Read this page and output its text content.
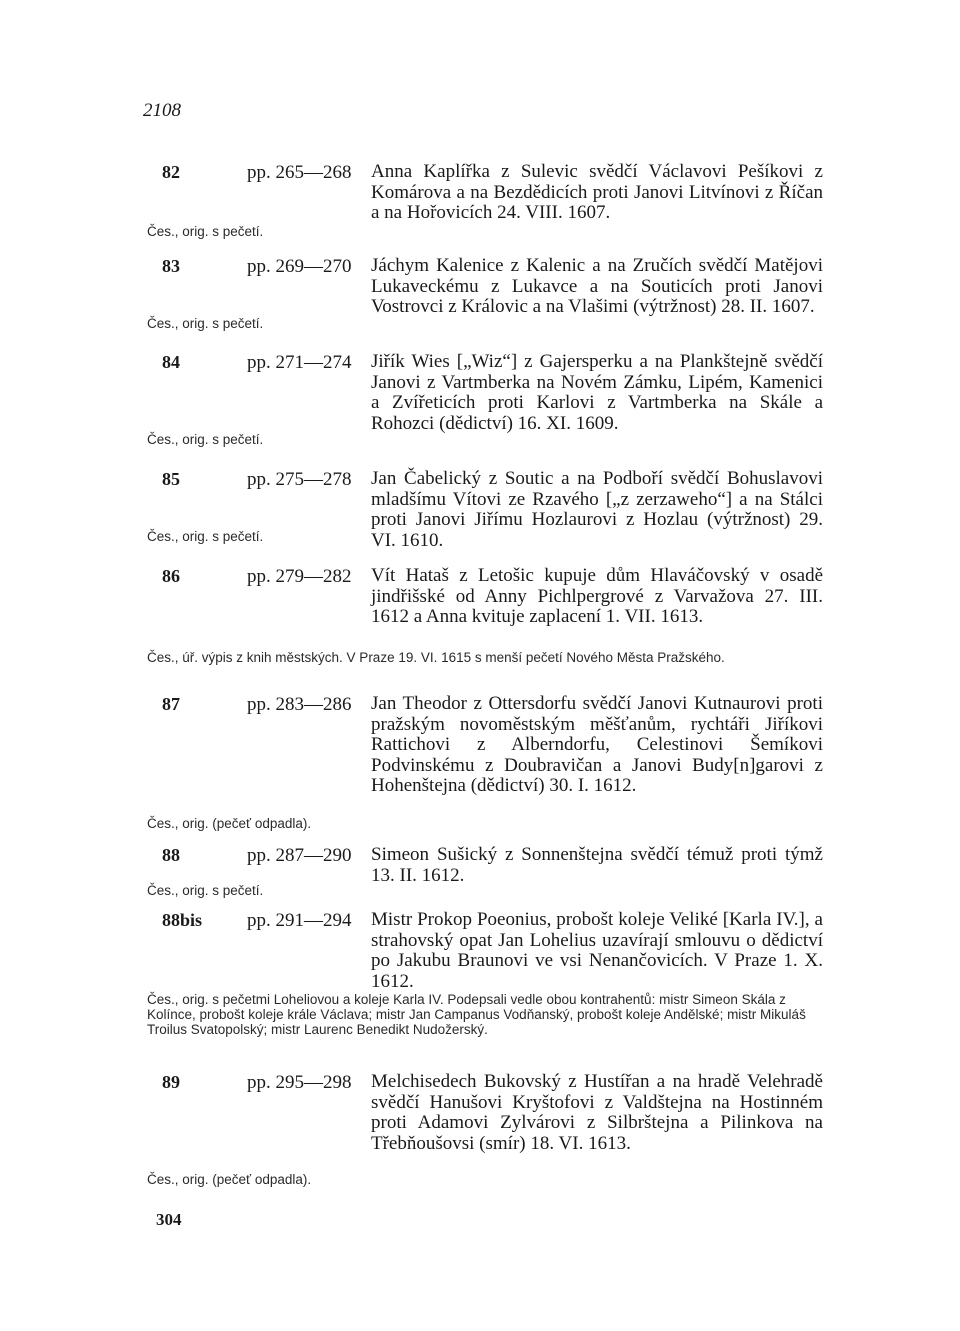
2108
82	pp. 265—268 Anna Kaplířka z Sulevic svědčí Václavovi Pešíkovi z Komárova a na Bezdědicích proti Janovi Litvínovi z Říčan a na Hořovicích 24. VIII. 1607.
Čes., orig. s pečetí.
83	pp. 269—270 Jáchym Kalenice z Kalenic a na Zručích svědčí Matějovi Lukaveckému z Lukavce a na Souticích proti Janovi Vostrovci z Královic a na Vlašimi (výtržnost) 28. II. 1607.
Čes., orig. s pečetí.
84	pp. 271—274 Jiřík Wies [„Wiz“] z Gajersperku a na Plankštejně svědčí Janovi z Vartmberka na Novém Zámku, Lipém, Kamenici a Zvířeticích proti Karlovi z Vartmberka na Skále a Rohozci (dědictví) 16. XI. 1609.
Čes., orig. s pečetí.
85	pp. 275—278 Jan Čabelický z Soutic a na Podboří svědčí Bohuslavovi mladšímu Vítovi ze Rzavého [„z zerzaweho“] a na Stálci proti Janovi Jiřímu Hozlaurovi z Hozlau (výtržnost) 29. VI. 1610.
Čes., orig. s pečetí.
86	pp. 279—282 Vít Hataš z Letošic kupuje dům Hlaváčovský v osadě jindřišské od Anny Pichlpergrové z Varvažova 27. III. 1612 a Anna kvituje zaplacení 1. VII. 1613.
Čes., úř. výpis z knih městských. V Praze 19. VI. 1615 s menší pečetí Nového Města Pražského.
87	pp. 283—286 Jan Theodor z Ottersdorfu svědčí Janovi Kutnaurovi proti pražským novoměstským měšťanům, rychtáři Jiříkovi Rattichovi z Alberndorfu, Celestinovi Šemíkovi Podvinskému z Doubravičan a Janovi Budy[n]garovi z Hohenštejna (dědictví) 30. I. 1612.
Čes., orig. (pečeť odpadla).
88	pp. 287—290 Simeon Sušický z Sonnenštejna svědčí témuž proti týmž 13. II. 1612.
Čes., orig. s pečetí.
88bis pp. 291—294 Mistr Prokop Poeonius, probošt koleje Veliké [Karla IV.], a strahovský opat Jan Lohelius uzavírají smlouvu o dědictví po Jakubu Braunovi ve vsi Nenančovicích. V Praze 1. X. 1612.
Čes., orig. s pečetmi Loheliovou a koleje Karla IV. Podepsali vedle obou kontrahentů: mistr Simeon Skála z Kolínce, probošt koleje krále Václava; mistr Jan Campanus Vodňanský, probošt koleje Andělské; mistr Mikuláš Troilus Svatopolský; mistr Laurenc Benedikt Nudožerský.
89	pp. 295—298 Melchisedech Bukovský z Hustířan a na hradě Velehradě svědčí Hanušovi Kryštofovi z Valdštejna na Hostinném proti Adamovi Zylvárovi z Silbrštejna a Pilinkova na Třebňoušovsi (smír) 18. VI. 1613.
Čes., orig. (pečeť odpadla).
304
